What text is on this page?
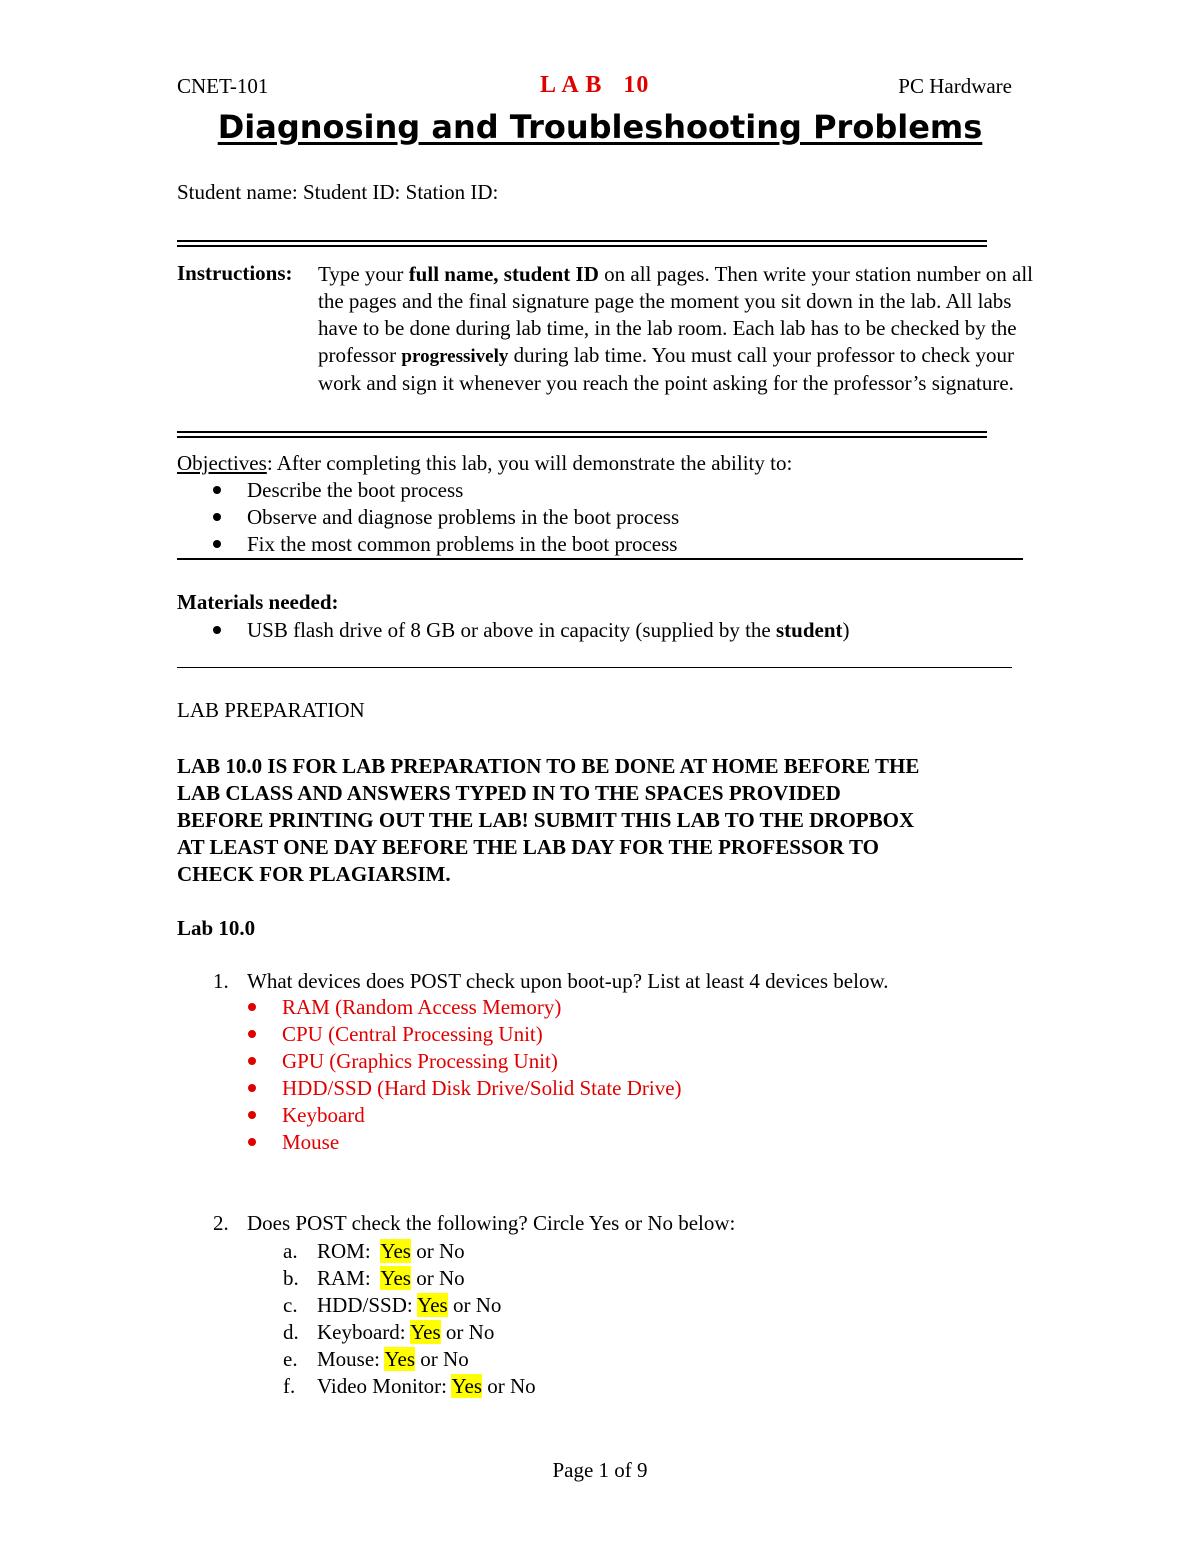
CNET-101	L A B   10	PC Hardware
Diagnosing and Troubleshooting Problems
Student name: Student ID: Station ID:
Instructions: Type your full name, student ID on all pages. Then write your station number on all the pages and the final signature page the moment you sit down in the lab. All labs have to be done during lab time, in the lab room. Each lab has to be checked by the professor progressively during lab time. You must call your professor to check your work and sign it whenever you reach the point asking for the professor’s signature.
Objectives: After completing this lab, you will demonstrate the ability to:
Describe the boot process
Observe and diagnose problems in the boot process
Fix the most common problems in the boot process
Materials needed:
USB flash drive of 8 GB or above in capacity (supplied by the student)
LAB PREPARATION
LAB 10.0 IS FOR LAB PREPARATION TO BE DONE AT HOME BEFORE THE
LAB CLASS AND ANSWERS TYPED IN TO THE SPACES PROVIDED
BEFORE PRINTING OUT THE LAB! SUBMIT THIS LAB TO THE DROPBOX
AT LEAST ONE DAY BEFORE THE LAB DAY FOR THE PROFESSOR TO
CHECK FOR PLAGIARSIM.
Lab 10.0
1. What devices does POST check upon boot-up? List at least 4 devices below.
RAM (Random Access Memory)
CPU (Central Processing Unit)
GPU (Graphics Processing Unit)
HDD/SSD (Hard Disk Drive/Solid State Drive)
Keyboard
Mouse
2. Does POST check the following? Circle Yes or No below:
a. ROM:  Yes or No
b. RAM:  Yes or No
c. HDD/SSD: Yes or No
d. Keyboard: Yes or No
e. Mouse: Yes or No
f. Video Monitor: Yes or No
Page 1 of 9
